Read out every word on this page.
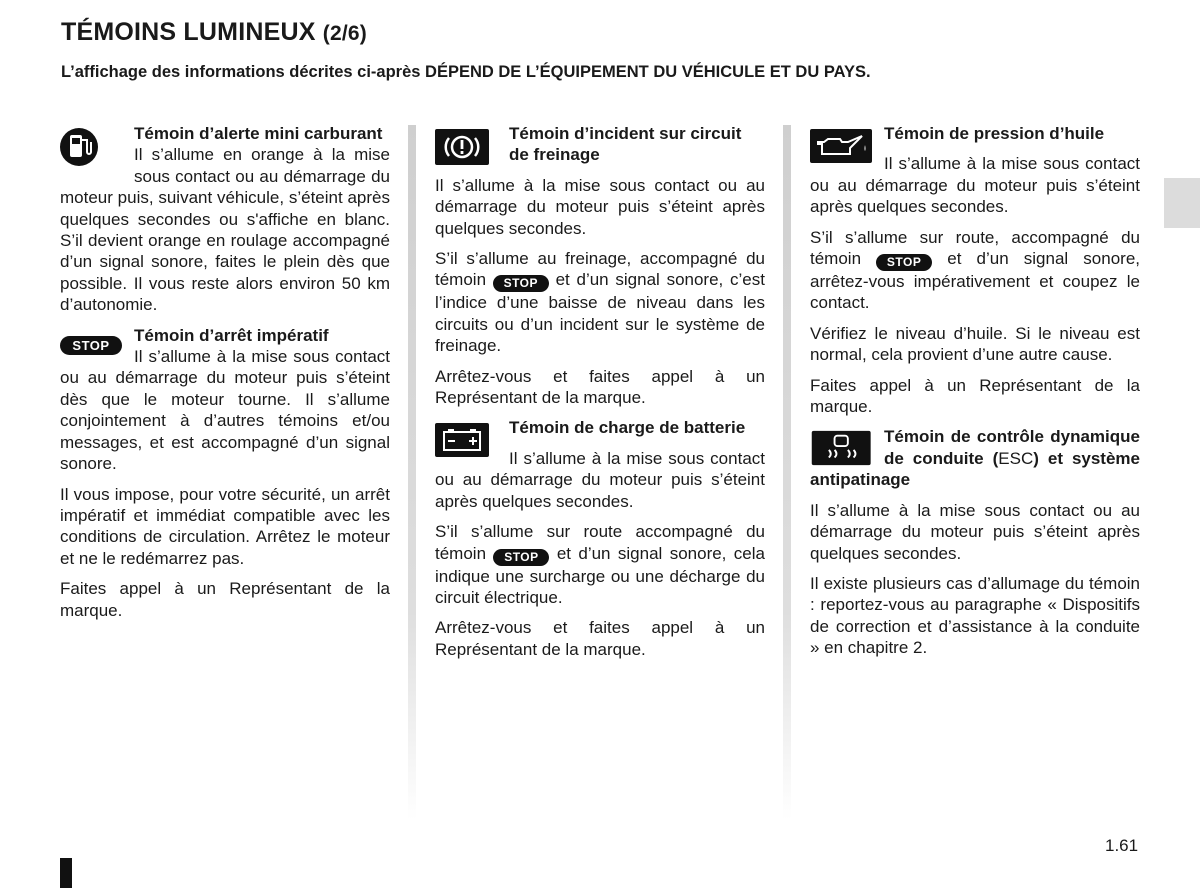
TÉMOINS LUMINEUX (2/6)
L’affichage des informations décrites ci-après DÉPEND DE L’ÉQUIPEMENT DU VÉHICULE ET DU PAYS.

Témoin d’alerte mini carburant

Il s’allume en orange à la mise sous contact ou au démarrage du moteur puis, suivant véhicule, s’éteint après quelques secondes ou s'affiche en blanc. S’il devient orange en roulage accompagné d’un signal sonore, faites le plein dès que possible. Il vous reste alors environ 50 km d’autonomie.

STOP

Témoin d’arrêt impératif

Il s’allume à la mise sous contact ou au démarrage du moteur puis s’éteint dès que le moteur tourne. Il s’allume conjointement à d’autres témoins et/ou messages, et est accompagné d’un signal sonore.

Il vous impose, pour votre sécurité, un arrêt impératif et immédiat compatible avec les conditions de circulation. Arrêtez le moteur et ne le redémarrez pas.

Faites appel à un Représentant de la marque.

Témoin d’incident sur circuit de freinage

Il s’allume à la mise sous contact ou au démarrage du moteur puis s’éteint après quelques secondes.

S’il s’allume au freinage, accompagné du témoin STOP et d’un signal sonore, c’est l’indice d’une baisse de niveau dans les circuits ou d’un incident sur le système de freinage.

Arrêtez-vous et faites appel à un Représentant de la marque.

Témoin de charge de batterie

Il s’allume à la mise sous contact ou au démarrage du moteur puis s’éteint après quelques secondes.

S’il s’allume sur route accompagné du témoin STOP et d’un signal sonore, cela indique une surcharge ou une décharge du circuit électrique.

Arrêtez-vous et faites appel à un Représentant de la marque.

Témoin de pression d’huile

Il s’allume à la mise sous contact ou au démarrage du moteur puis s’éteint après quelques secondes.

S’il s’allume sur route, accompagné du témoin STOP et d’un signal sonore, arrêtez-vous impérativement et coupez le contact.

Vérifiez le niveau d’huile. Si le niveau est normal, cela provient d’une autre cause.

Faites appel à un Représentant de la marque.

Témoin de contrôle dynamique de conduite (ESC) et système antipatinage

Il s’allume à la mise sous contact ou au démarrage du moteur puis s’éteint après quelques secondes.

Il existe plusieurs cas d’allumage du témoin : reportez-vous au paragraphe « Dispositifs de correction et d’assistance à la conduite » en chapitre 2.

1.61
